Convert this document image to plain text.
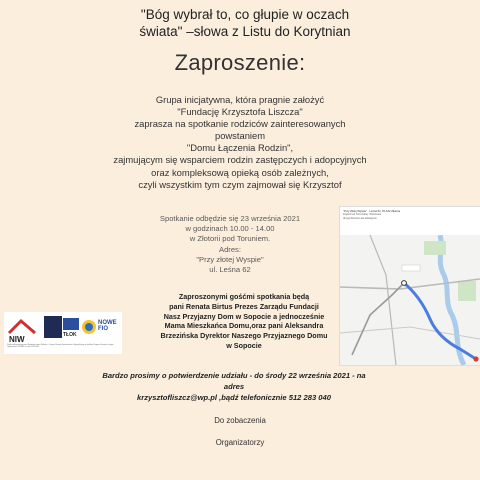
"Bóg wybrał to, co głupie w oczach
świata" –słowa z Listu do Korytnian
Zaproszenie:
Grupa inicjatywna, która pragnie założyć
"Fundację Krzysztofa Liszcza"
zaprasza na spotkanie rodziców zainteresowanych
powstaniem
"Domu Łączenia Rodzin",
zajmującym się wsparciem rodzin zastępczych i adopcyjnych
oraz kompleksową opieką osób zależnych,
czyli wszystkim tym czym zajmował się Krzysztof
Spotkanie odbędzie się 23 września 2021
w godzinach 10.00 - 14.00
w Złotorii pod Toruniem.
Adres:
"Przy złotej Wyspie"
ul. Leśna 62
"Przy Złotej Wyspie" · Leśna 62, 87-162 Złotoria
Dojazd od Toruńskiej: Wiśniowa
droga dłuższa ale łatwiejsza
NIW	TŁOK
NOWE
FIO
Projekt dofinansowany przez Narodowy Instytut Wolności - Centrum Rozwoju Społeczeństwa Obywatelskiego ze środków Programu Fundusz Inicjatyw Obywatelskich NOWEFIO na lata 2021-2030
Zaproszonymi gośćmi spotkania będą
pani Renata Birtus Prezes Zarządu Fundacji
Nasz Przyjazny Dom w Sopocie a jednocześnie
Mama Mieszkańca Domu,oraz pani Aleksandra
Brzezińska Dyrektor Naszego Przyjaznego Domu
w Sopocie
Bardzo prosimy o potwierdzenie udziału - do środy 22 września 2021 - na
adres
krzysztofliszcz@wp.pl ,bądź telefonicznie 512 283 040
Do zobaczenia
Organizatorzy
